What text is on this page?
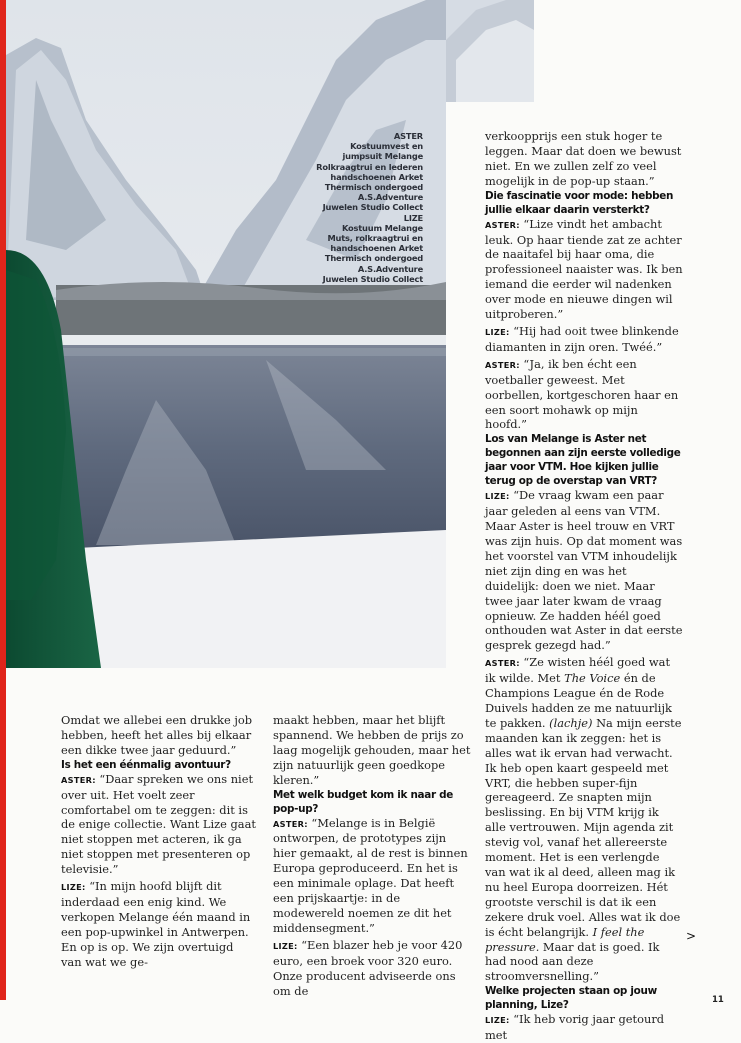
ASTER
Kostuumvest en
jumpsuit Melange
Rolkraagtrui en lederen
handschoenen Arket
Thermisch ondergoed
A.S.Adventure
Juwelen Studio Collect
LIZE
Kostuum Melange
Muts, rolkraagtrui en
handschoenen Arket
Thermisch ondergoed
A.S.Adventure
Juwelen Studio Collect

Omdat we allebei een drukke job hebben, heeft het alles bij elkaar een dikke twee jaar geduurd.”

Is het een éénmalig avontuur?

ASTER: “Daar spreken we ons niet over uit. Het voelt zeer comfortabel om te zeggen: dit is de enige collectie. Want Lize gaat niet stoppen met acteren, ik ga niet stoppen met presenteren op televisie.”

LIZE: “In mijn hoofd blijft dit inderdaad een enig kind. We verkopen Melange één maand in een pop-upwinkel in Antwerpen. En op is op. We zijn overtuigd van wat we ge-

maakt hebben, maar het blijft spannend. We hebben de prijs zo laag mogelijk gehouden, maar het zijn natuurlijk geen goedkope kleren.”

Met welk budget kom ik naar de pop-up?

ASTER: “Melange is in België ontworpen, de prototypes zijn hier gemaakt, al de rest is binnen Europa geproduceerd. En het is een minimale oplage. Dat heeft een prijskaartje: in de modewereld noemen ze dit het middensegment.”

LIZE: “Een blazer heb je voor 420 euro, een broek voor 320 euro. Onze producent adviseerde ons om de

verkoopprijs een stuk hoger te leggen. Maar dat doen we bewust niet. En we zullen zelf zo veel mogelijk in de pop-up staan.”

Die fascinatie voor mode: hebben jullie elkaar daarin versterkt?

ASTER: “Lize vindt het ambacht leuk. Op haar tiende zat ze achter de naaitafel bij haar oma, die professioneel naaister was. Ik ben iemand die eerder wil nadenken over mode en nieuwe dingen wil uitproberen.”

LIZE: “Hij had ooit twee blinkende diamanten in zijn oren. Twéé.”

ASTER: “Ja, ik ben écht een voetballer geweest. Met oorbellen, kortgeschoren haar en een soort mohawk op mijn hoofd.”

Los van Melange is Aster net begonnen aan zijn eerste volledige jaar voor VTM. Hoe kijken jullie terug op de overstap van VRT?

LIZE: “De vraag kwam een paar jaar geleden al eens van VTM. Maar Aster is heel trouw en VRT was zijn huis. Op dat moment was het voorstel van VTM inhoudelijk niet zijn ding en was het duidelijk: doen we niet. Maar twee jaar later kwam de vraag opnieuw. Ze hadden héél goed onthouden wat Aster in dat eerste gesprek gezegd had.”

ASTER: “Ze wisten héél goed wat ik wilde. Met The Voice én de Champions League én de Rode Duivels hadden ze me natuurlijk te pakken. (lachje) Na mijn eerste maanden kan ik zeggen: het is alles wat ik ervan had verwacht. Ik heb open kaart gespeeld met VRT, die hebben super-fijn gereageerd. Ze snapten mijn beslissing. En bij VTM krijg ik alle vertrouwen. Mijn agenda zit stevig vol, vanaf het allereerste moment. Het is een verlengde van wat ik al deed, alleen mag ik nu heel Europa doorreizen. Hét grootste verschil is dat ik een zekere druk voel. Alles wat ik doe is écht belangrijk. I feel the pressure. Maar dat is goed. Ik had nood aan deze stroomversnelling.”

Welke projecten staan op jouw planning, Lize?

LIZE: “Ik heb vorig jaar getourd met

>
11
